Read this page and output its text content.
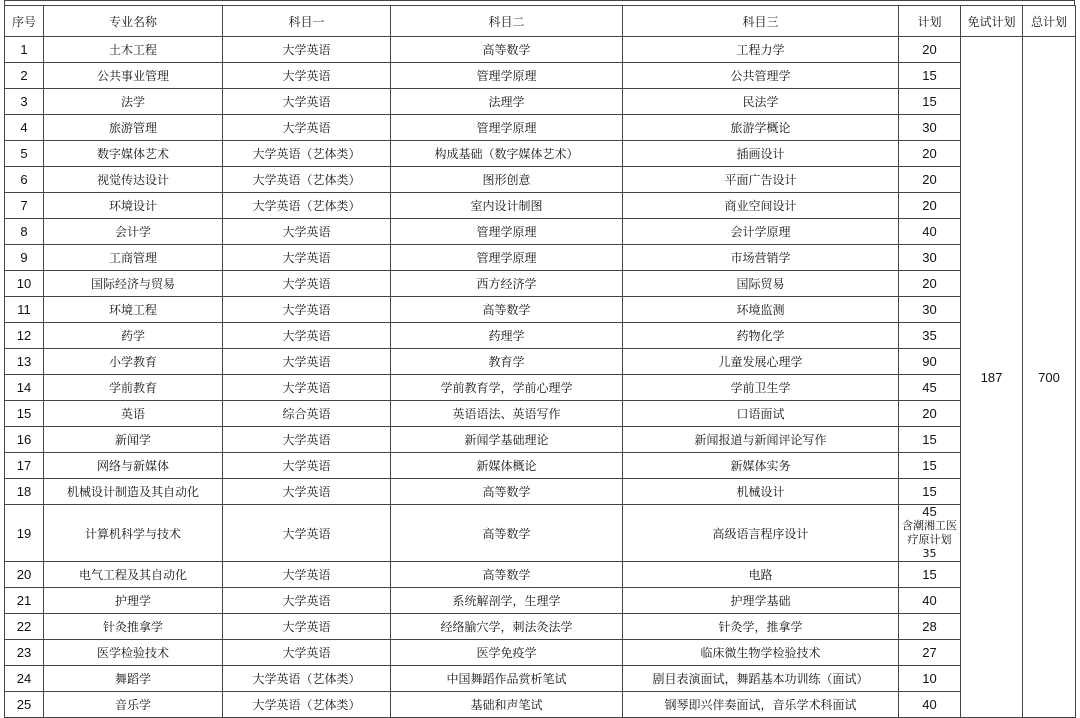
序号	专业名称	科目一	科目二	科目三	计划	免试计划	总计划
1	土木工程	大学英语	高等数学	工程力学	20	187	700
2	公共事业管理	大学英语	管理学原理	公共管理学	15		
3	法学	大学英语	法理学	民法学	15		
4	旅游管理	大学英语	管理学原理	旅游学概论	30		
5	数字媒体艺术	大学英语（艺体类）	构成基础（数字媒体艺术）	插画设计	20		
6	视觉传达设计	大学英语（艺体类）	图形创意	平面广告设计	20		
7	环境设计	大学英语（艺体类）	室内设计制图	商业空间设计	20		
8	会计学	大学英语	管理学原理	会计学原理	40		
9	工商管理	大学英语	管理学原理	市场营销学	30		
10	国际经济与贸易	大学英语	西方经济学	国际贸易	20		
11	环境工程	大学英语	高等数学	环境监测	30		
12	药学	大学英语	药理学	药物化学	35		
13	小学教育	大学英语	教育学	儿童发展心理学	90		
14	学前教育	大学英语	学前教育学，学前心理学	学前卫生学	45		
15	英语	综合英语	英语语法、英语写作	口语面试	20		
16	新闻学	大学英语	新闻学基础理论	新闻报道与新闻评论写作	15		
17	网络与新媒体	大学英语	新媒体概论	新媒体实务	15		
18	机械设计制造及其自动化	大学英语	高等数学	机械设计	15		
19	计算机科学与技术	大学英语	高等数学	高级语言程序设计	45
含潮湘工医 疗原计划35		

20	电气工程及其自动化	大学英语	高等数学	电路	15		
21	护理学	大学英语	系统解剖学，生理学	护理学基础	40		
22	针灸推拿学	大学英语	经络腧穴学，刺法灸法学	针灸学，推拿学	28		
23	医学检验技术	大学英语	医学免疫学	临床微生物学检验技术	27		
24	舞蹈学	大学英语（艺体类）	中国舞蹈作品赏析笔试	剧目表演面试，舞蹈基本功训练（面试）	10		
25	音乐学	大学英语（艺体类）	基础和声笔试	钢琴即兴伴奏面试，音乐学术科面试	40		
